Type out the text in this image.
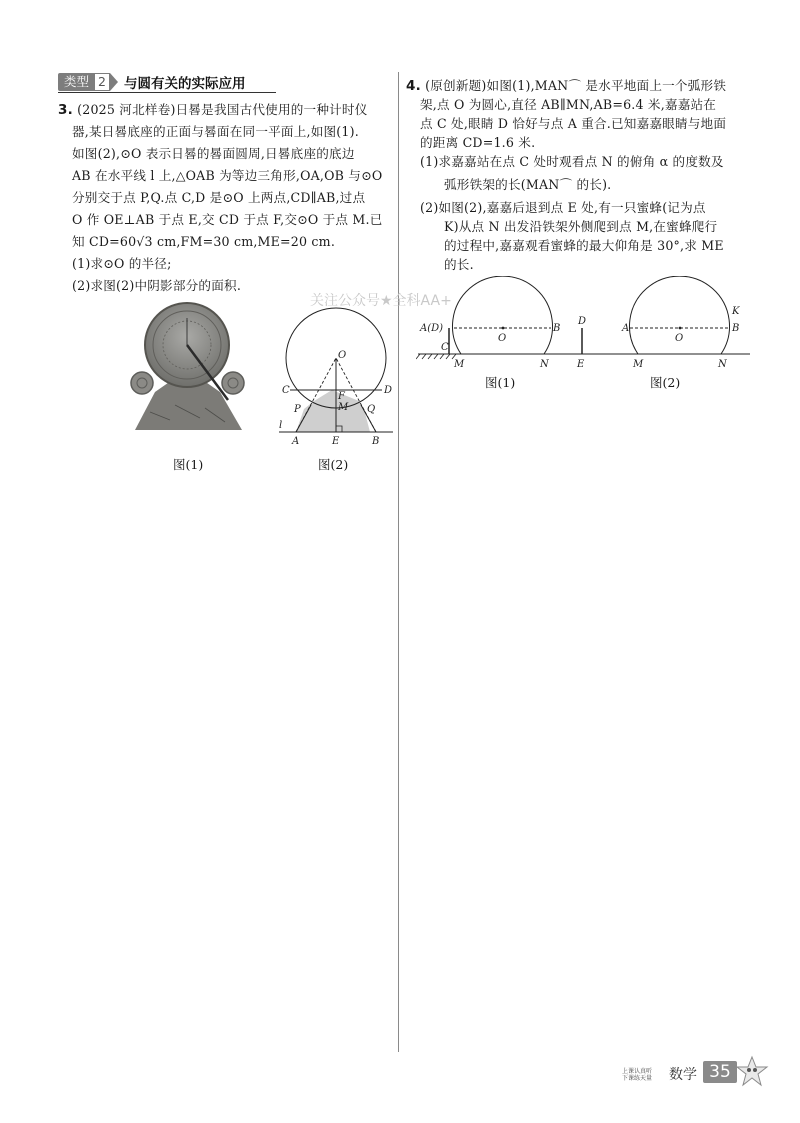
类型 2 与圆有关的实际应用
3. (2025 河北样卷)日晷是我国古代使用的一种计时仪
器,某日晷底座的正面与晷面在同一平面上,如图(1).
如图(2),⊙O 表示日晷的晷面圆周,日晷底座的底边
AB 在水平线 l 上,△OAB 为等边三角形,OA,OB 与⊙O
分别交于点 P,Q.点 C,D 是⊙O 上两点,CD∥AB,过点
O 作 OE⊥AB 于点 E,交 CD 于点 F,交⊙O 于点 M.已
知 CD=60√3 cm,FM=30 cm,ME=20 cm.
(1)求⊙O 的半径;
(2)求图(2)中阴影部分的面积.
图(1)
O
C	D
F
M
P	Q
l
A	E	B
图(2)
4. (原创新题)如图(1),MAN⌒ 是水平地面上一个弧形铁
架,点 O 为圆心,直径 AB∥MN,AB=6.4 米,嘉嘉站在
点 C 处,眼睛 D 恰好与点 A 重合.已知嘉嘉眼睛与地面
的距离 CD=1.6 米.
(1)求嘉嘉站在点 C 处时观看点 N 的俯角 α 的度数及
弧形铁架的长(MAN⌒ 的长).
(2)如图(2),嘉嘉后退到点 E 处,有一只蜜蜂(记为点
K)从点 N 出发沿铁架外侧爬到点 M,在蜜蜂爬行
的过程中,嘉嘉观看蜜蜂的最大仰角是 30°,求 ME
的长.
A(D)	B
O
C
M	N
图(1)
D
A	B
O
K
E	M	N
图(2)
关注公众号★全科AA+
上课认真听
下课练天量 数学 35
